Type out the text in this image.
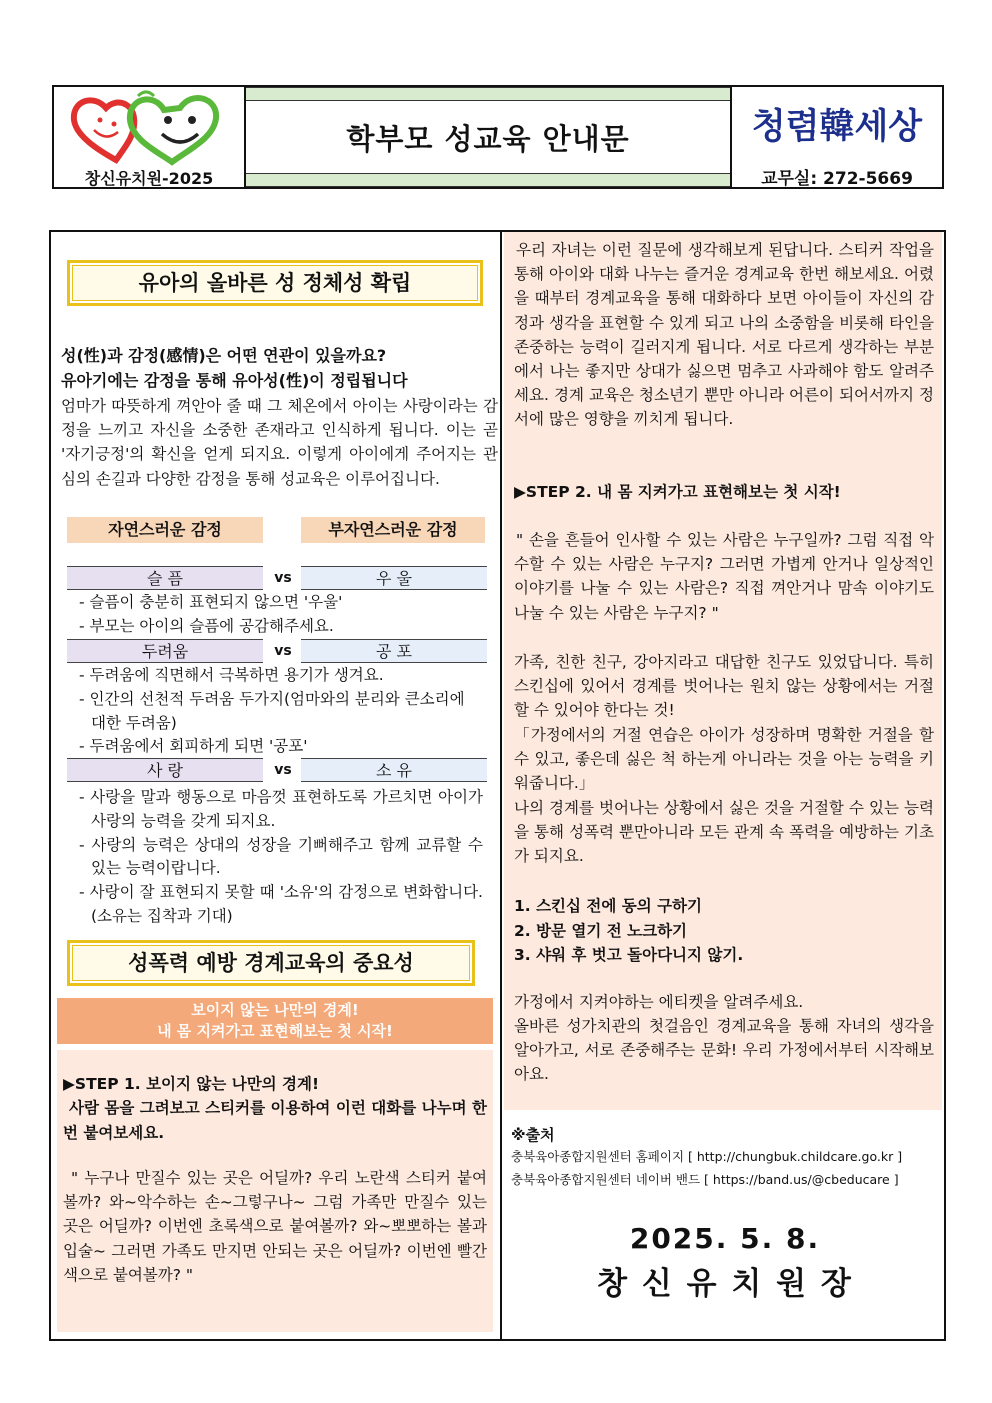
창신유치원-2025
학부모 성교육 안내문	청렴韓세상
교무실: 272-5669
유아의 올바른 성 정체성 확립
성(性)과 감정(感情)은 어떤 연관이 있을까요?
유아기에는 감정을 통해 유아성(性)이 정립됩니다
엄마가 따뜻하게 껴안아 줄 때 그 체온에서 아이는 사랑이라는 감정을 느끼고 자신을 소중한 존재라고 인식하게 됩니다. 이는 곧 '자기긍정'의 확신을 얻게 되지요. 이렇게 아이에게 주어지는 관심의 손길과 다양한 감정을 통해 성교육은 이루어집니다.
자연스러운 감정	부자연스러운 감정
슬 픔	vs	우 울
- 슬픔이 충분히 표현되지 않으면 '우울'
- 부모는 아이의 슬픔에 공감해주세요.
두려움	vs	공 포
- 두려움에 직면해서 극복하면 용기가 생겨요.
- 인간의 선천적 두려움 두가지(엄마와의 분리와 큰소리에 대한 두려움)
- 두려움에서 회피하게 되면 '공포'
사 랑	vs	소 유
- 사랑을 말과 행동으로 마음껏 표현하도록 가르치면 아이가 사랑의 능력을 갖게 되지요.
- 사랑의 능력은 상대의 성장을 기뻐해주고 함께 교류할 수 있는 능력이랍니다.
- 사랑이 잘 표현되지 못할 때 '소유'의 감정으로 변화합니다.(소유는 집착과 기대)
성폭력 예방 경계교육의 중요성
보이지 않는 나만의 경계!
내 몸 지켜가고 표현해보는 첫 시작!
▶STEP 1. 보이지 않는 나만의 경계!
사람 몸을 그려보고 스티커를 이용하여 이런 대화를 나누며 한번 붙여보세요.
" 누구나 만질수 있는 곳은 어딜까? 우리 노란색 스티커 붙여볼까? 와~악수하는 손~그렇구나~ 그럼 가족만 만질수 있는 곳은 어딜까? 이번엔 초록색으로 붙여볼까? 와~뽀뽀하는 볼과 입술~ 그러면 가족도 만지면 안되는 곳은 어딜까? 이번엔 빨간색으로 붙여볼까? "
우리 자녀는 이런 질문에 생각해보게 된답니다. 스티커 작업을 통해 아이와 대화 나누는 즐거운 경계교육 한번 해보세요. 어렸을 때부터 경계교육을 통해 대화하다 보면 아이들이 자신의 감정과 생각을 표현할 수 있게 되고 나의 소중함을 비롯해 타인을 존중하는 능력이 길러지게 됩니다. 서로 다르게 생각하는 부분에서 나는 좋지만 상대가 싫으면 멈추고 사과해야 함도 알려주세요. 경계 교육은 청소년기 뿐만 아니라 어른이 되어서까지 정서에 많은 영향을 끼치게 됩니다.
▶STEP 2. 내 몸 지켜가고 표현해보는 첫 시작!
" 손을 흔들어 인사할 수 있는 사람은 누구일까? 그럼 직접 악수할 수 있는 사람은 누구지? 그러면 가볍게 안거나 일상적인 이야기를 나눌 수 있는 사람은? 직접 껴안거나 맘속 이야기도 나눌 수 있는 사람은 누구지? "
가족, 친한 친구, 강아지라고 대답한 친구도 있었답니다. 특히 스킨십에 있어서 경계를 벗어나는 원치 않는 상황에서는 거절할 수 있어야 한다는 것!
「가정에서의 거절 연습은 아이가 성장하며 명확한 거절을 할 수 있고, 좋은데 싫은 척 하는게 아니라는 것을 아는 능력을 키워줍니다.」
나의 경계를 벗어나는 상황에서 싫은 것을 거절할 수 있는 능력을 통해 성폭력 뿐만아니라 모든 관계 속 폭력을 예방하는 기초가 되지요.
1. 스킨십 전에 동의 구하기
2. 방문 열기 전 노크하기
3. 샤워 후 벗고 돌아다니지 않기.
가정에서 지켜야하는 에티켓을 알려주세요.
올바른 성가치관의 첫걸음인 경계교육을 통해 자녀의 생각을 알아가고, 서로 존중해주는 문화! 우리 가정에서부터 시작해보아요.
※출처
충북육아종합지원센터 홈페이지 [ http://chungbuk.childcare.go.kr ]
충북육아종합지원센터 네이버 밴드 [ https://band.us/@cbeducare ]
2025. 5. 8.
창 신 유 치 원 장
